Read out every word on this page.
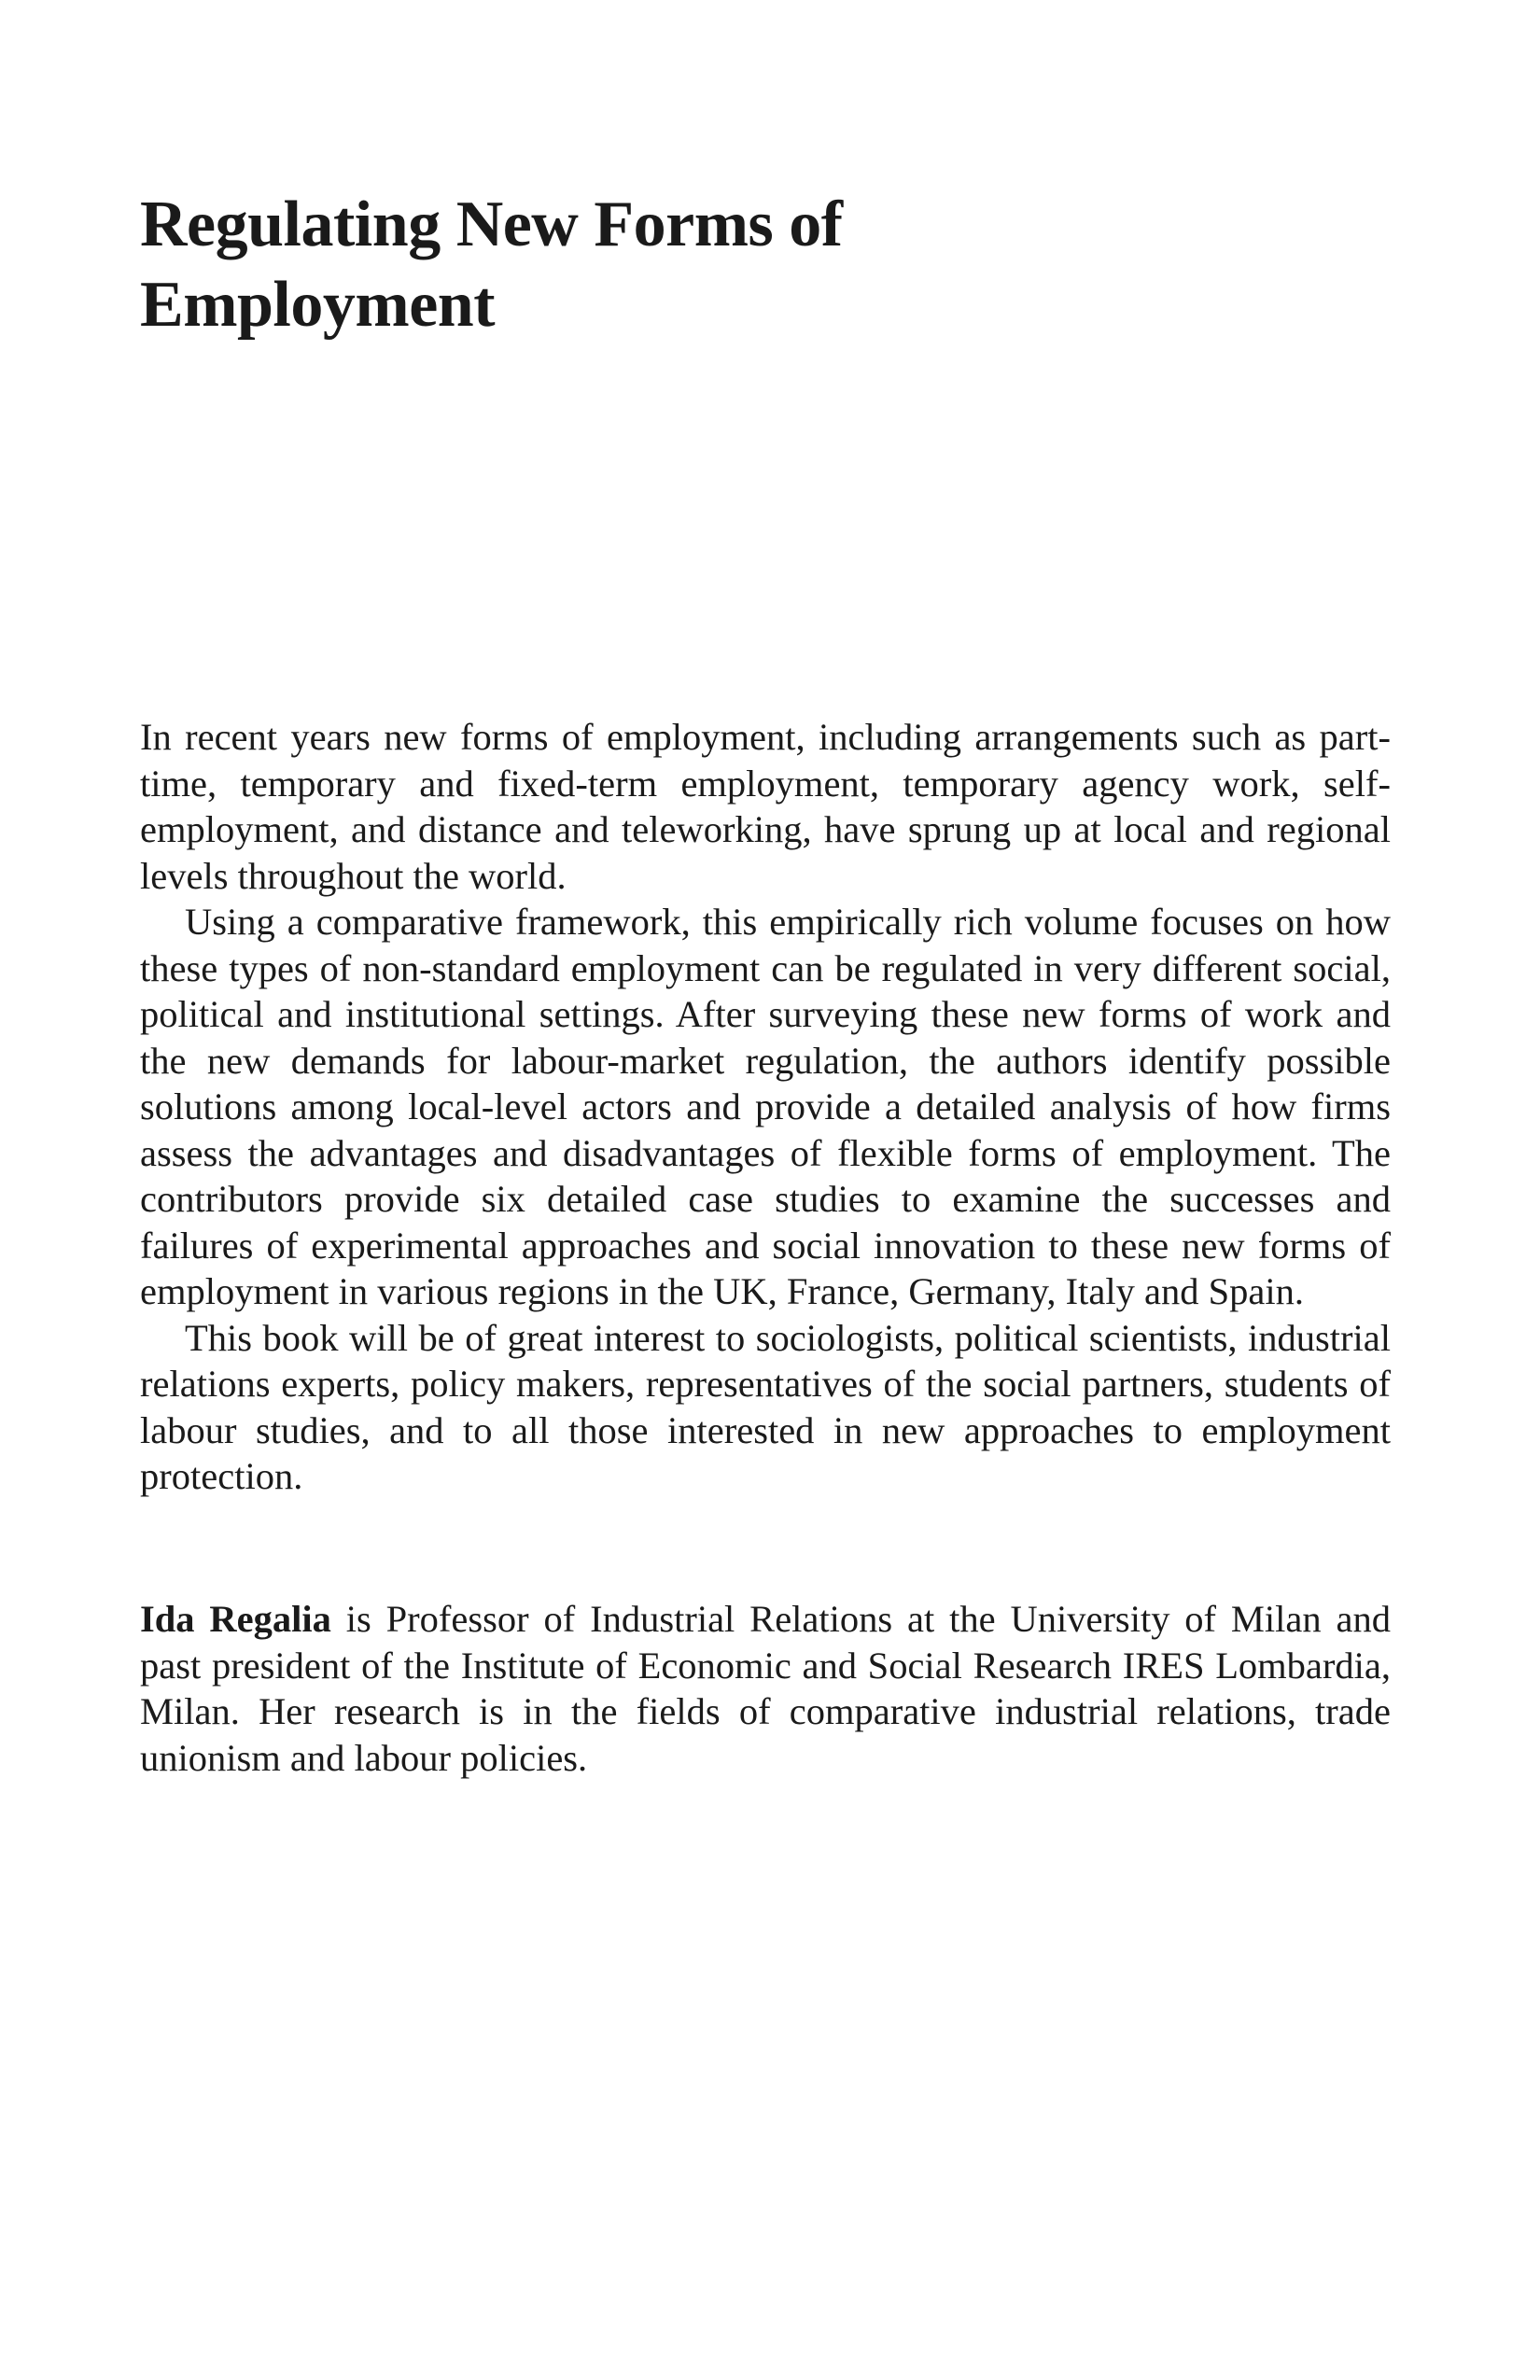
Regulating New Forms of
Employment

In recent years new forms of employment, including arrangements such as part-time, temporary and fixed-term employment, temporary agency work, self-employment, and distance and teleworking, have sprung up at local and regional levels throughout the world.

Using a comparative framework, this empirically rich volume focuses on how these types of non-standard employment can be regulated in very different social, political and institutional settings. After surveying these new forms of work and the new demands for labour-market regulation, the authors identify possible solutions among local-level actors and provide a detailed analysis of how firms assess the advantages and disadvantages of flexible forms of employment. The contributors provide six detailed case studies to examine the successes and failures of experimental approaches and social innovation to these new forms of employment in various regions in the UK, France, Germany, Italy and Spain.

This book will be of great interest to sociologists, political scientists, industrial relations experts, policy makers, representatives of the social partners, students of labour studies, and to all those interested in new approaches to employment protection.

Ida Regalia is Professor of Industrial Relations at the University of Milan and past president of the Institute of Economic and Social Research IRES Lombardia, Milan. Her research is in the fields of comparative industrial relations, trade unionism and labour policies.
